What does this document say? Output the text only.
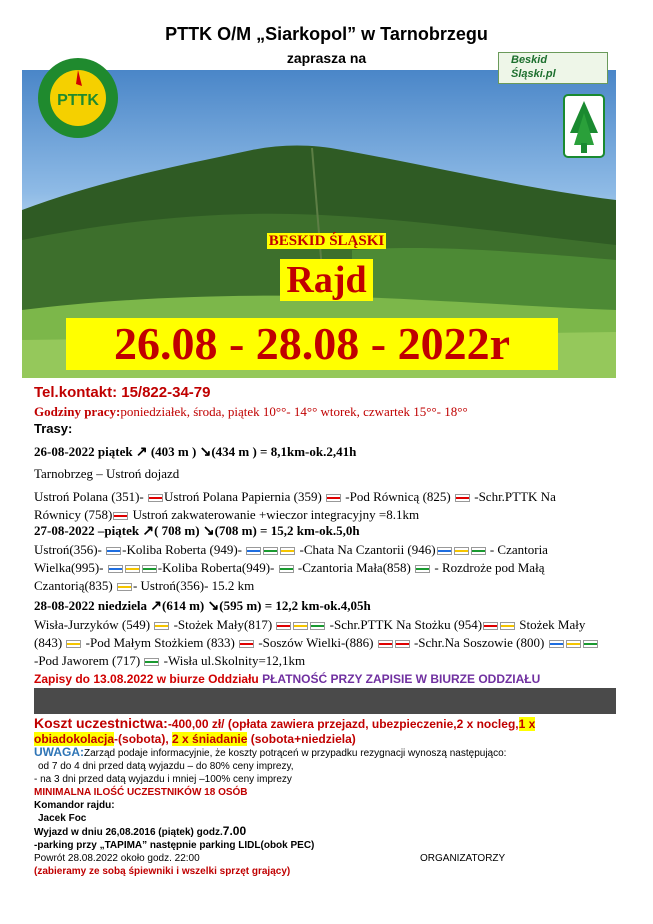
PTTK O/M „Siarkopol” w Tarnobrzegu
zaprasza na
PTTK
Beskid
Śląski.pl
BESKID ŚLĄSKI
Rajd
26.08 - 28.08 - 2022r
Tel.kontakt: 15/822-34-79
Godziny pracy:poniedziałek, środa, piątek 10°°- 14°° wtorek, czwartek 15°°- 18°°
Trasy:
26-08-2022 piątek ↗ (403 m ) ↘(434 m ) = 8,1km-ok.2,41h
Tarnobrzeg – Ustroń dojazd
Ustroń Polana (351)- Ustroń Polana Papiernia (359)  -Pod Równicą (825)  -Schr.PTTK Na
Równicy (758) Ustroń zakwaterowanie +wieczor integracyjny =8.1km
27-08-2022 –piątek ↗( 708 m) ↘(708 m) = 15,2 km-ok.5,0h
Ustroń(356)- -Koliba Roberta (949)-	-Chata Na Czantorii (946)	- Czantoria
Wielka(995)-	-Koliba Roberta(949)-  -Czantoria Mała(858)  - Rozdroże pod Małą
Czantorią(835) - Ustroń(356)- 15.2 km
28-08-2022 niedziela ↗(614 m) ↘(595 m) = 12,2 km-ok.4,05h
Wisła-Jurzyków (549)  -Stożek Mały(817)	-Schr.PTTK Na Stożku (954)	Stożek Mały
(843)  -Pod Małym Stożkiem (833)  -Soszów Wielki-(886)	-Schr.Na Soszowie (800)
-Pod Jaworem (717)  -Wisła ul.Skolnity=12,1km
Zapisy do 13.08.2022 w biurze Oddziału PŁATNOŚĆ PRZY ZAPISIE W BIURZE ODDZIAŁU
Koszt uczestnictwa:-400,00 zł/ (opłata zawiera przejazd, ubezpieczenie,2 x nocleg,1 x obiadokolacja-(sobota), 2 x śniadanie (sobota+niedziela)
UWAGA:Zarząd podaje informacyjnie, że koszty potrąceń w przypadku rezygnacji wynoszą następująco:
od 7 do 4 dni przed datą wyjazdu – do 80% ceny imprezy,
- na 3 dni przed datą wyjazdu i mniej –100% ceny imprezy
MINIMALNA ILOŚĆ UCZESTNIKÓW 18 OSÓB
Komandor rajdu:
Jacek Foc
Wyjazd w dniu 26,08.2016 (piątek) godz.7.00
-parking przy „TAPIMA” następnie parking LIDL(obok PEC)
Powrót 28.08.2022 około godz. 22:00	ORGANIZATORZY

(zabieramy ze sobą śpiewniki i wszelki sprzęt grający)
